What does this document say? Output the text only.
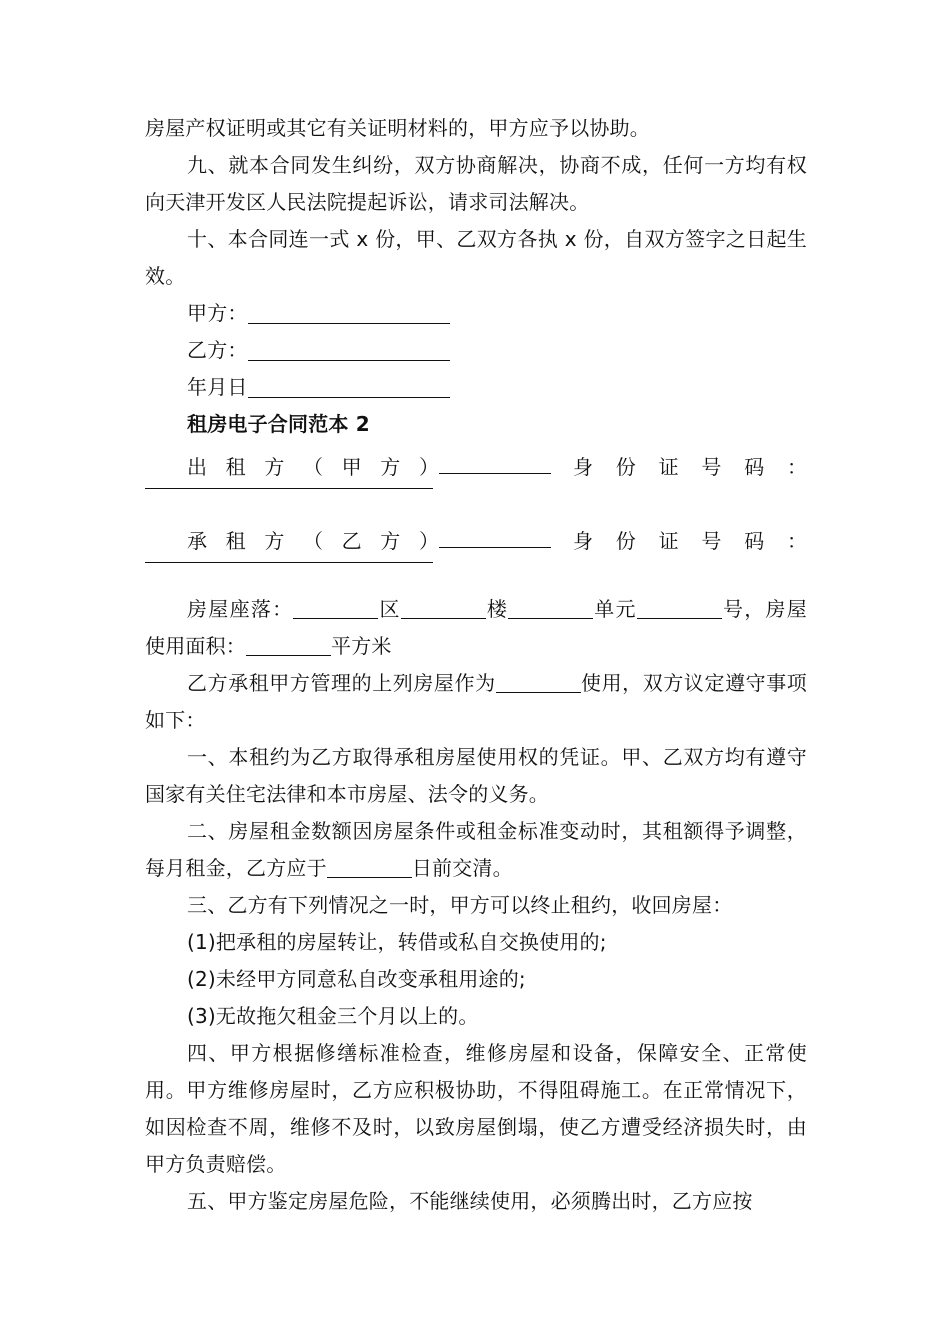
房屋产权证明或其它有关证明材料的，甲方应予以协助。

九、就本合同发生纠纷，双方协商解决，协商不成，任何一方均有权向天津开发区人民法院提起诉讼，请求司法解决。

十、本合同连一式 x 份，甲、乙双方各执 x 份，自双方签字之日起生效。

甲方：

乙方：

年月日

租房电子合同范本 2

出 租 方 （ 甲 方 ）	身 份 证 号 码 ：
承 租 方 （ 乙 方 ）	身 份 证 号 码 ：

房屋座落：	区	楼	单元	号，房屋使用面积：	平方米

乙方承租甲方管理的上列房屋作为	使用，双方议定遵守事项如下：

一、本租约为乙方取得承租房屋使用权的凭证。甲、乙双方均有遵守国家有关住宅法律和本市房屋、法令的义务。

二、房屋租金数额因房屋条件或租金标准变动时，其租额得予调整，每月租金，乙方应于	日前交清。

三、乙方有下列情况之一时，甲方可以终止租约，收回房屋：

(1)把承租的房屋转让，转借或私自交换使用的;

(2)未经甲方同意私自改变承租用途的;

(3)无故拖欠租金三个月以上的。

四、甲方根据修缮标准检查，维修房屋和设备，保障安全、正常使用。甲方维修房屋时，乙方应积极协助，不得阻碍施工。在正常情况下，如因检查不周，维修不及时，以致房屋倒塌，使乙方遭受经济损失时，由甲方负责赔偿。

五、甲方鉴定房屋危险，不能继续使用，必须腾出时，乙方应按
